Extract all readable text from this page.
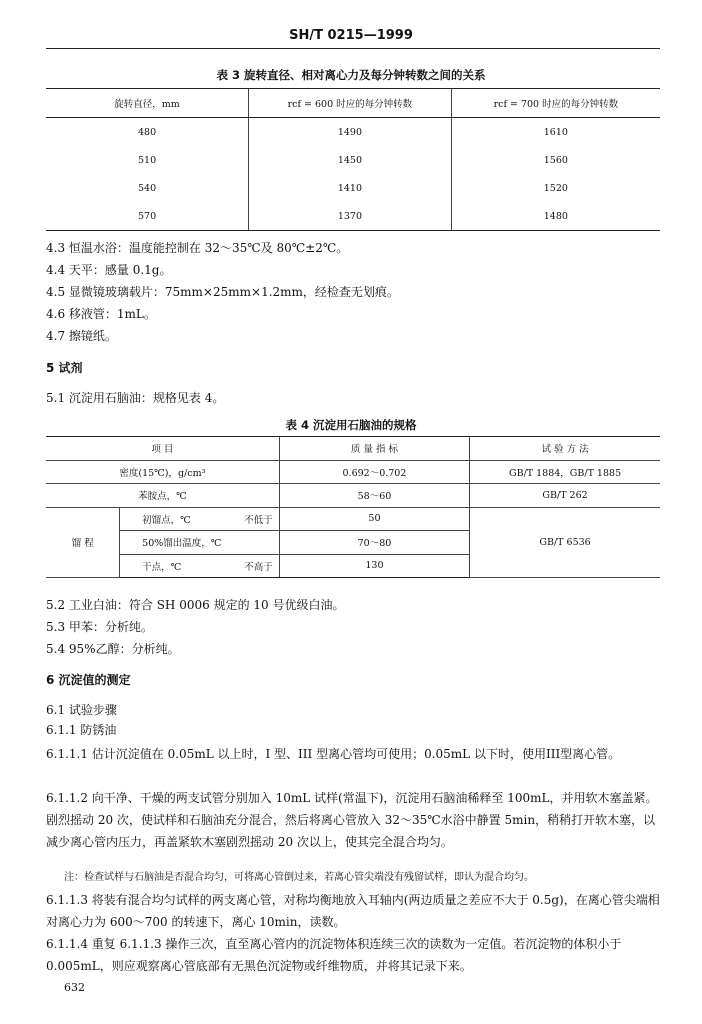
SH/T 0215—1999
表 3 旋转直径、相对离心力及每分钟转数之间的关系
旋转直径，mm	rcf = 600 时应的每分钟转数	rcf = 700 时应的每分钟转数
480	1490	1610
510	1450	1560
540	1410	1520
570	1370	1480
4.3 恒温水浴：温度能控制在 32～35℃及 80℃±2℃。
4.4 天平：感量 0.1g。
4.5 显微镜玻璃载片：75mm×25mm×1.2mm，经检查无划痕。
4.6 移液管：1mL。
4.7 擦镜纸。
5 试剂
5.1 沉淀用石脑油：规格见表 4。
表 4 沉淀用石脑油的规格
项 目		质 量 指 标	试 验 方 法
密度(15℃)，g/cm³		0.692～0.702	GB/T 1884，GB/T 1885
苯胺点，℃		58～60	GB/T 262
馏 程	初馏点，℃ 不低于	50	GB/T 6536
	50%馏出温度，℃	70～80	
	干点，℃ 不高于	130	
5.2 工业白油：符合 SH 0006 规定的 10 号优级白油。
5.3 甲苯：分析纯。
5.4 95%乙醇：分析纯。
6 沉淀值的测定
6.1 试验步骤
6.1.1 防锈油
6.1.1.1 估计沉淀值在 0.05mL 以上时，I 型、III 型离心管均可使用；0.05mL 以下时，使用III型离心管。
6.1.1.2 向干净、干燥的两支试管分别加入 10mL 试样(常温下)，沉淀用石脑油稀释至 100mL，并用软木塞盖紧。剧烈摇动 20 次，使试样和石脑油充分混合，然后将离心管放入 32～35℃水浴中静置 5min，稍稍打开软木塞，以减少离心管内压力，再盖紧软木塞剧烈摇动 20 次以上，使其完全混合均匀。
注：检查试样与石脑油是否混合均匀，可将离心管倒过来，若离心管尖端没有残留试样，即认为混合均匀。
6.1.1.3 将装有混合均匀试样的两支离心管，对称均衡地放入耳轴内(两边质量之差应不大于 0.5g)，在离心管尖端相对离心力为 600～700 的转速下，离心 10min，读数。
6.1.1.4 重复 6.1.1.3 操作三次，直至离心管内的沉淀物体积连续三次的读数为一定值。若沉淀物的体积小于 0.005mL，则应观察离心管底部有无黑色沉淀物或纤维物质，并将其记录下来。
632
